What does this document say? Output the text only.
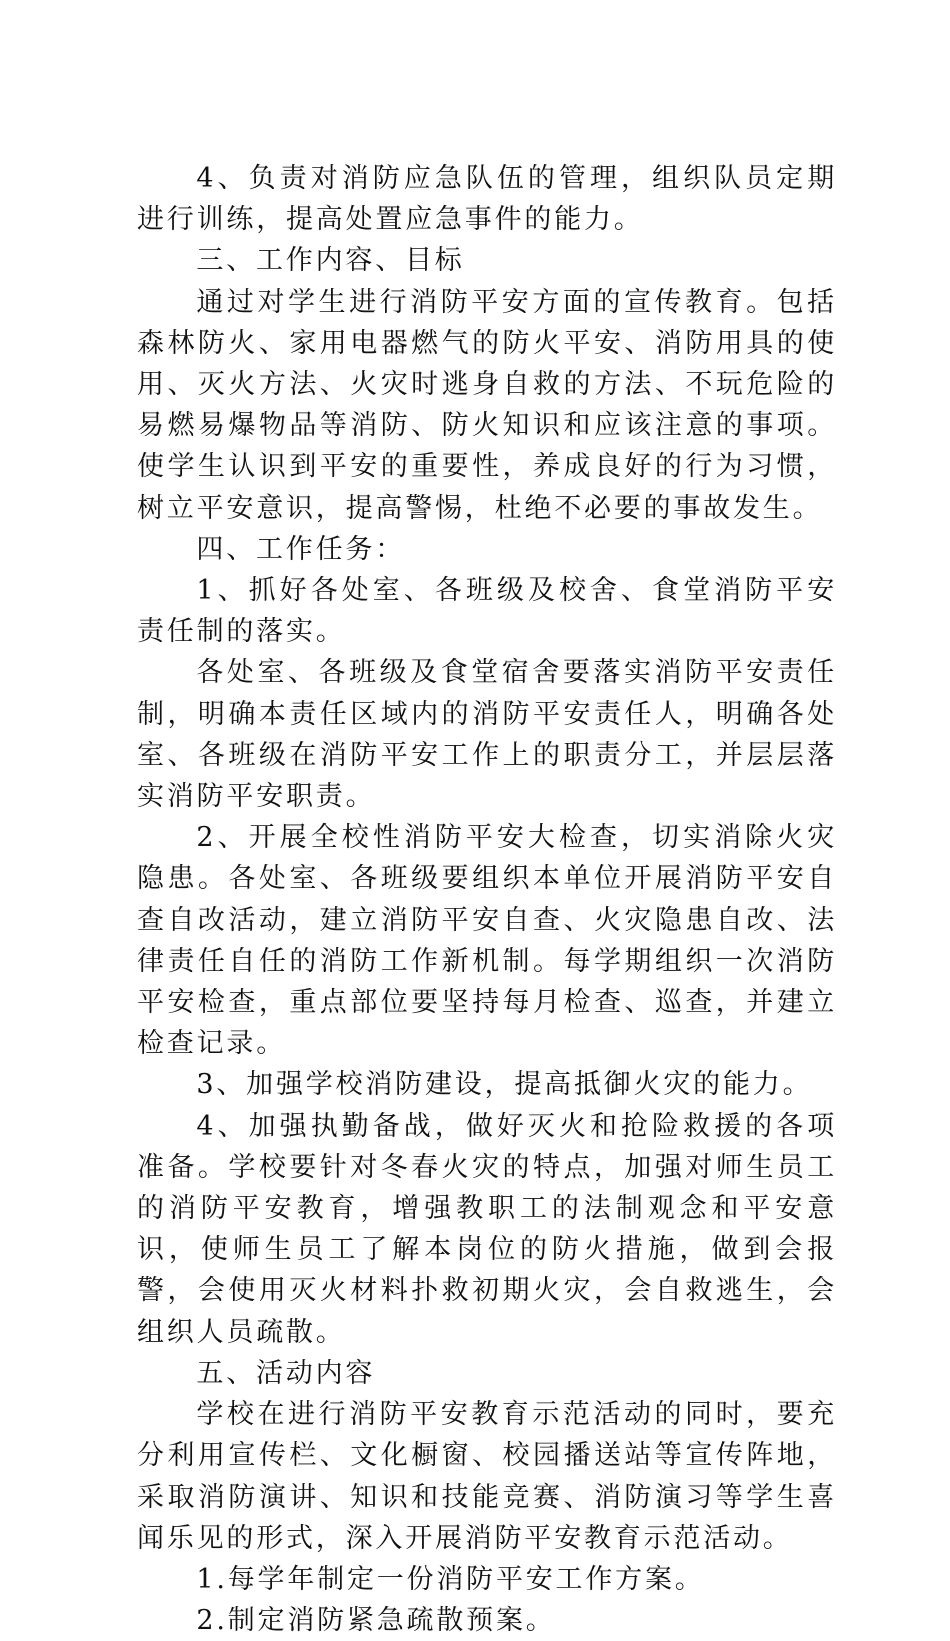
4、负责对消防应急队伍的管理，组织队员定期进行训练，提高处置应急事件的能力。

三、工作内容、目标

通过对学生进行消防平安方面的宣传教育。包括森林防火、家用电器燃气的防火平安、消防用具的使用、灭火方法、火灾时逃身自救的方法、不玩危险的易燃易爆物品等消防、防火知识和应该注意的事项。使学生认识到平安的重要性，养成良好的行为习惯，树立平安意识，提高警惕，杜绝不必要的事故发生。

四、工作任务：

1、抓好各处室、各班级及校舍、食堂消防平安责任制的落实。

各处室、各班级及食堂宿舍要落实消防平安责任制，明确本责任区域内的消防平安责任人，明确各处室、各班级在消防平安工作上的职责分工，并层层落实消防平安职责。

2、开展全校性消防平安大检查，切实消除火灾隐患。各处室、各班级要组织本单位开展消防平安自查自改活动，建立消防平安自查、火灾隐患自改、法律责任自任的消防工作新机制。每学期组织一次消防平安检查，重点部位要坚持每月检查、巡查，并建立检查记录。

3、加强学校消防建设，提高抵御火灾的能力。

4、加强执勤备战，做好灭火和抢险救援的各项准备。学校要针对冬春火灾的特点，加强对师生员工的消防平安教育，增强教职工的法制观念和平安意识，使师生员工了解本岗位的防火措施，做到会报警，会使用灭火材料扑救初期火灾，会自救逃生，会组织人员疏散。

五、活动内容

学校在进行消防平安教育示范活动的同时，要充分利用宣传栏、文化橱窗、校园播送站等宣传阵地，采取消防演讲、知识和技能竞赛、消防演习等学生喜闻乐见的形式，深入开展消防平安教育示范活动。

1.每学年制定一份消防平安工作方案。

2.制定消防紧急疏散预案。
